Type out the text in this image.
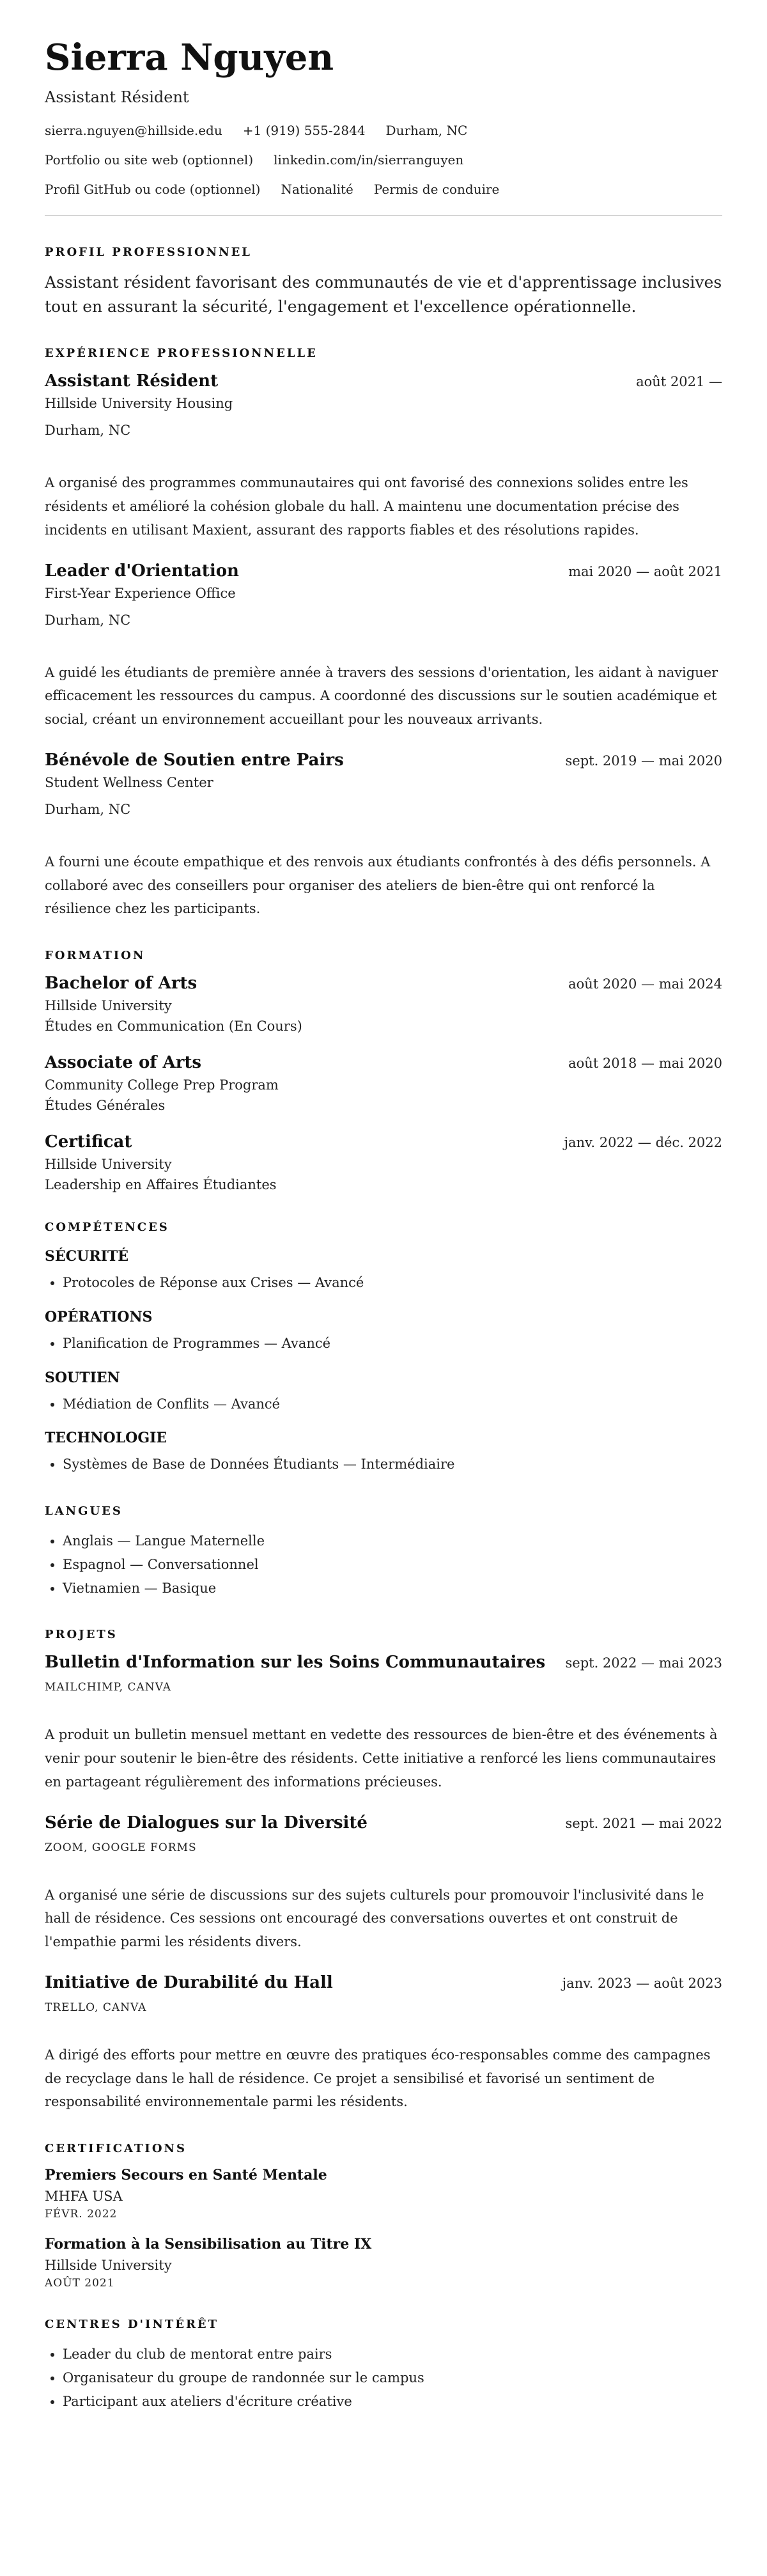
Sierra Nguyen
Assistant Résident
sierra.nguyen@hillside.edu +1 (919) 555-2844 Durham, NC
Portfolio ou site web (optionnel) linkedin.com/in/sierranguyen
Profil GitHub ou code (optionnel) Nationalité Permis de conduire
PROFIL PROFESSIONNEL

Assistant résident favorisant des communautés de vie et d'apprentissage inclusives tout en assurant la sécurité, l'engagement et l'excellence opérationnelle.

EXPÉRIENCE PROFESSIONNELLE
Assistant Résident	août 2021 —
Hillside University Housing
Durham, NC

A organisé des programmes communautaires qui ont favorisé des connexions solides entre les résidents et amélioré la cohésion globale du hall. A maintenu une documentation précise des incidents en utilisant Maxient, assurant des rapports fiables et des résolutions rapides.

Leader d'Orientation	mai 2020 — août 2021
First-Year Experience Office
Durham, NC

A guidé les étudiants de première année à travers des sessions d'orientation, les aidant à naviguer efficacement les ressources du campus. A coordonné des discussions sur le soutien académique et social, créant un environnement accueillant pour les nouveaux arrivants.

Bénévole de Soutien entre Pairs	sept. 2019 — mai 2020
Student Wellness Center
Durham, NC

A fourni une écoute empathique et des renvois aux étudiants confrontés à des défis personnels. A collaboré avec des conseillers pour organiser des ateliers de bien-être qui ont renforcé la résilience chez les participants.

FORMATION
Bachelor of Arts	août 2020 — mai 2024
Hillside University
Études en Communication (En Cours)
Associate of Arts	août 2018 — mai 2020
Community College Prep Program
Études Générales
Certificat	janv. 2022 — déc. 2022
Hillside University
Leadership en Affaires Étudiantes
COMPÉTENCES
SÉCURITÉ
• Protocoles de Réponse aux Crises — Avancé
OPÉRATIONS
• Planification de Programmes — Avancé
SOUTIEN
• Médiation de Conflits — Avancé
TECHNOLOGIE
• Systèmes de Base de Données Étudiants — Intermédiaire
LANGUES
• Anglais — Langue Maternelle
• Espagnol — Conversationnel
• Vietnamien — Basique
PROJETS
Bulletin d'Information sur les Soins Communautaires sept. 2022 — mai 2023
MAILCHIMP, CANVA

A produit un bulletin mensuel mettant en vedette des ressources de bien-être et des événements à venir pour soutenir le bien-être des résidents. Cette initiative a renforcé les liens communautaires en partageant régulièrement des informations précieuses.

Série de Dialogues sur la Diversité	sept. 2021 — mai 2022
ZOOM, GOOGLE FORMS

A organisé une série de discussions sur des sujets culturels pour promouvoir l'inclusivité dans le hall de résidence. Ces sessions ont encouragé des conversations ouvertes et ont construit de l'empathie parmi les résidents divers.

Initiative de Durabilité du Hall	janv. 2023 — août 2023
TRELLO, CANVA

A dirigé des efforts pour mettre en œuvre des pratiques éco-responsables comme des campagnes de recyclage dans le hall de résidence. Ce projet a sensibilisé et favorisé un sentiment de responsabilité environnementale parmi les résidents.

CERTIFICATIONS
Premiers Secours en Santé Mentale
MHFA USA
FÉVR. 2022
Formation à la Sensibilisation au Titre IX
Hillside University
AOÛT 2021
CENTRES D'INTÉRÊT
• Leader du club de mentorat entre pairs
• Organisateur du groupe de randonnée sur le campus
• Participant aux ateliers d'écriture créative
